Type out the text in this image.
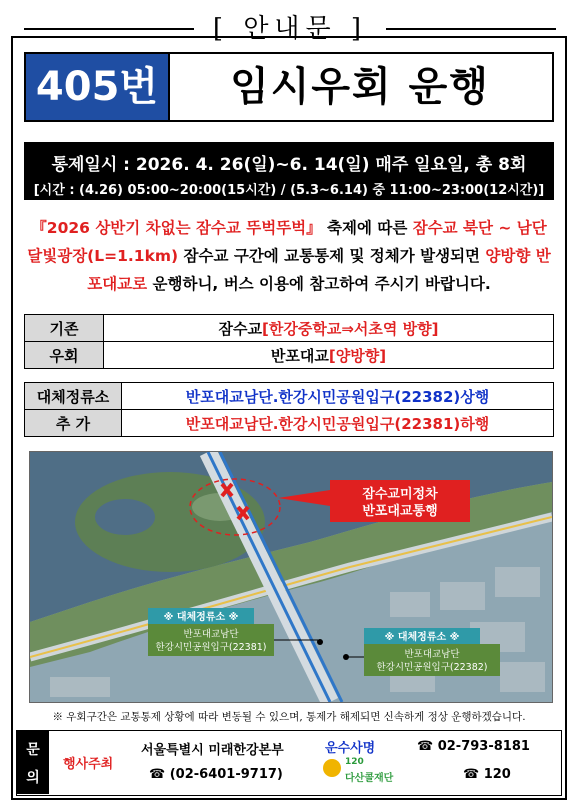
[ 안내문 ]
405번	임시우회 운행
통제일시 : 2026. 4. 26(일)~6. 14(일) 매주 일요일, 총 8회
[시간 : (4.26) 05:00~20:00(15시간) / (5.3~6.14) 중 11:00~23:00(12시간)]
『2026 상반기 차없는 잠수교 뚜벅뚜벅』 축제에 따른 잠수교 북단 ~ 남단 달빛광장(L=1.1km) 잠수교 구간에 교통통제 및 정체가 발생되면 양방향 반포대교로 운행하니, 버스 이용에 참고하여 주시기 바랍니다.
기존	잠수교[한강중학교⇒서초역 방향]
우회	반포대교[양방향]
대체정류소	반포대교남단.한강시민공원입구(22382)상행
추 가	반포대교남단.한강시민공원입구(22381)하행
잠수교미정차
반포대교통행
※ 대체정류소 ※
반포대교남단
한강시민공원입구(22381)
※ 대체정류소 ※
반포대교남단
한강시민공원입구(22382)
※ 우회구간은 교통통제 상황에 따라 변동될 수 있으며, 통제가 해제되면 신속하게 정상 운행하겠습니다.
문
의
행사주최
서울특별시 미래한강본부
☎ (02-6401-9717)
운수사명	☎ 02-793-8181
120
다산콜재단	☎ 120
